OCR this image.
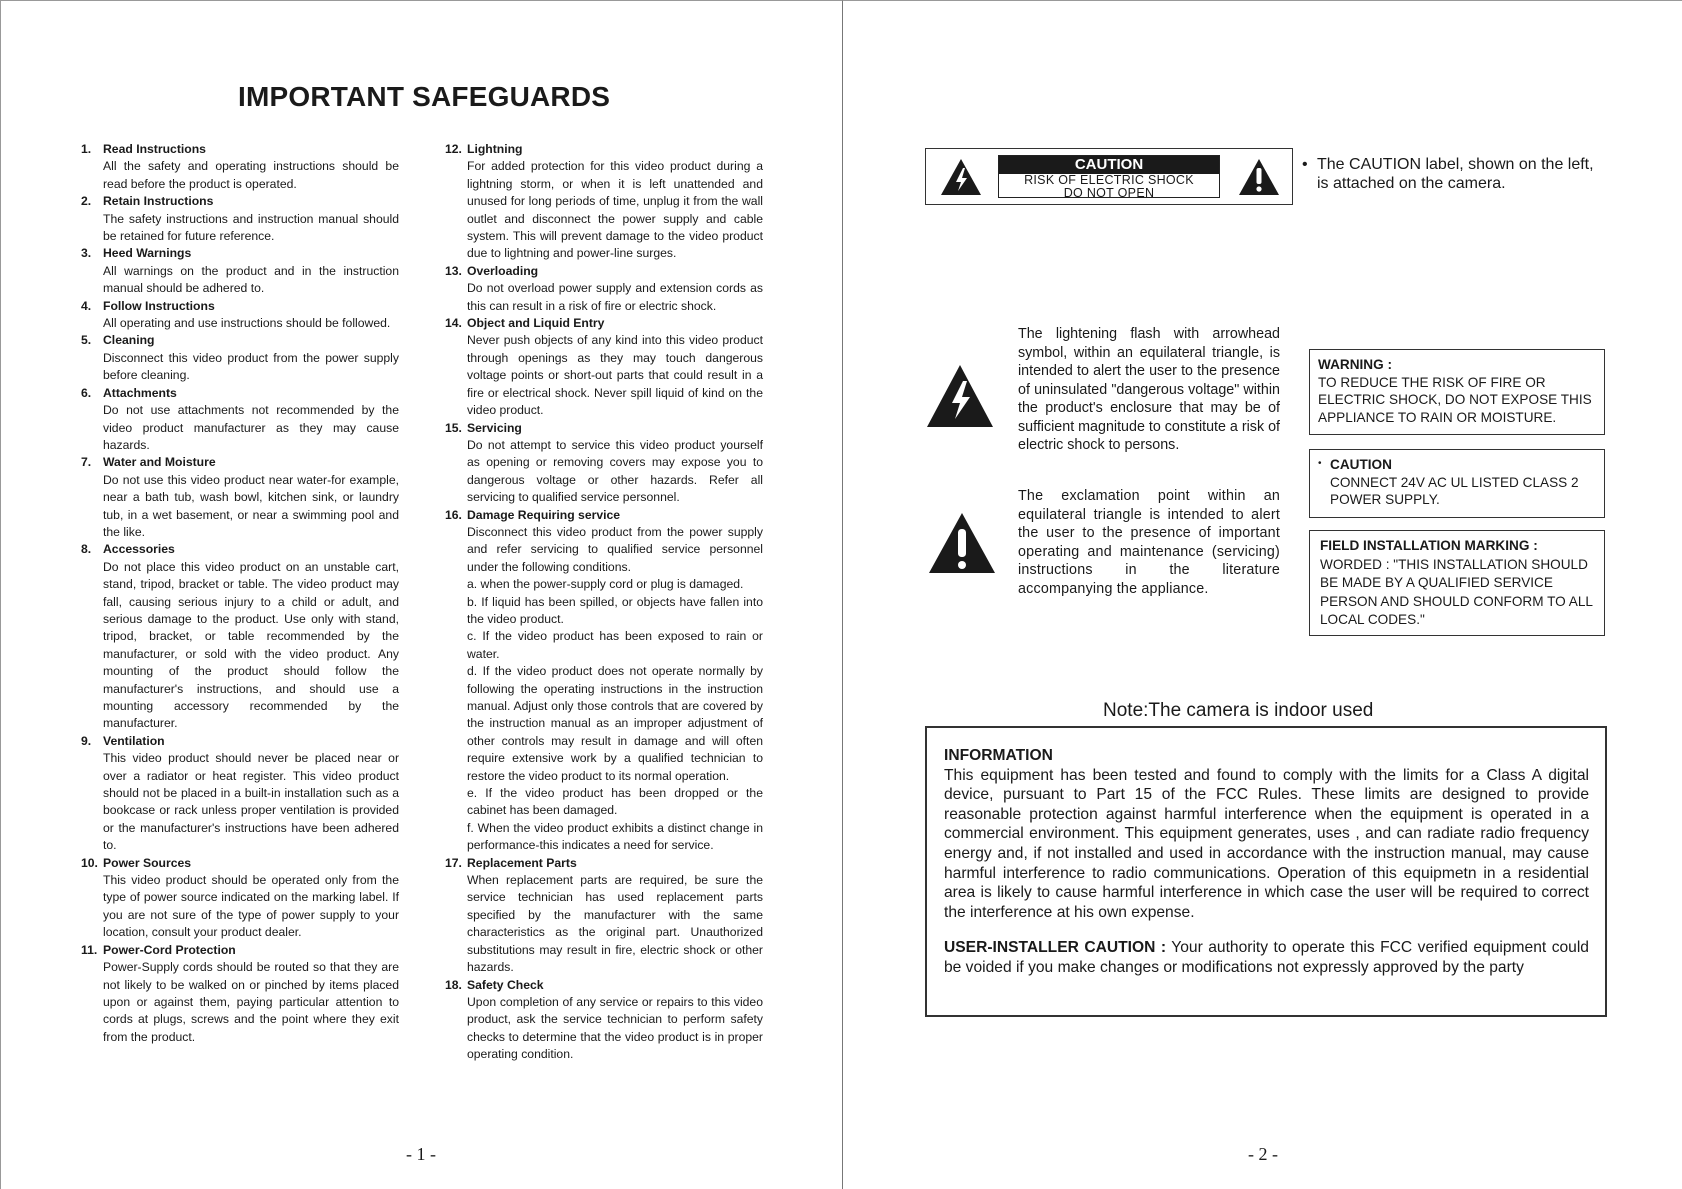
IMPORTANT SAFEGUARDS
1. Read Instructions
All the safety and operating instructions should be read before the product is operated.
2. Retain Instructions
The safety instructions and instruction manual should be retained for future reference.
3. Heed Warnings
All warnings on the product and in the instruction manual should be adhered to.
4. Follow Instructions
All operating and use instructions should be followed.
5. Cleaning
Disconnect this video product from the power supply before cleaning.
6. Attachments
Do not use attachments not recommended by the video product manufacturer as they may cause hazards.
7. Water and Moisture
Do not use this video product near water-for example, near a bath tub, wash bowl, kitchen sink, or laundry tub, in a wet basement, or near a swimming pool and the like.
8. Accessories
Do not place this video product on an unstable cart, stand, tripod, bracket or table. The video product may fall, causing serious injury to a child or adult, and serious damage to the product. Use only with stand, tripod, bracket, or table recommended by the manufacturer, or sold with the video product. Any mounting of the product should follow the manufacturer's instructions, and should use a mounting accessory recommended by the manufacturer.
9. Ventilation
This video product should never be placed near or over a radiator or heat register. This video product should not be placed in a built-in installation such as a bookcase or rack unless proper ventilation is provided or the manufacturer's instructions have been adhered to.
10. Power Sources
This video product should be operated only from the type of power source indicated on the marking label. If you are not sure of the type of power supply to your location, consult your product dealer.
11. Power-Cord Protection
Power-Supply cords should be routed so that they are not likely to be walked on or pinched by items placed upon or against them, paying particular attention to cords at plugs, screws and the point where they exit from the product.
12. Lightning
For added protection for this video product during a lightning storm, or when it is left unattended and unused for long periods of time, unplug it from the wall outlet and disconnect the power supply and cable system. This will prevent damage to the video product due to lightning and power-line surges.
13. Overloading
Do not overload power supply and extension cords as this can result in a risk of fire or electric shock.
14. Object and Liquid Entry
Never push objects of any kind into this video product through openings as they may touch dangerous voltage points or short-out parts that could result in a fire or electrical shock. Never spill liquid of kind on the video product.
15. Servicing
Do not attempt to service this video product yourself as opening or removing covers may expose you to dangerous voltage or other hazards. Refer all servicing to qualified service personnel.
16. Damage Requiring service
Disconnect this video product from the power supply and refer servicing to qualified service personnel under the following conditions.
a. when the power-supply cord or plug is damaged.
b. If liquid has been spilled, or objects have fallen into the video product.
c. If the video product has been exposed to rain or water.
d. If the video product does not operate normally by following the operating instructions in the instruction manual. Adjust only those controls that are covered by the instruction manual as an improper adjustment of other controls may result in damage and will often require extensive work by a qualified technician to restore the video product to its normal operation.
e. If the video product has been dropped or the cabinet has been damaged.
f. When the video product exhibits a distinct change in performance-this indicates a need for service.
17. Replacement Parts
When replacement parts are required, be sure the service technician has used replacement parts specified by the manufacturer with the same characteristics as the original part. Unauthorized substitutions may result in fire, electric shock or other hazards.
18. Safety Check
Upon completion of any service or repairs to this video product, ask the service technician to perform safety checks to determine that the video product is in proper operating condition.
- 1 -
CAUTION
RISK OF ELECTRIC SHOCK
DO NOT OPEN
• The CAUTION label, shown on the left, is attached on the camera.
The lightening flash with arrowhead symbol, within an equilateral triangle, is intended to alert the user to the presence of uninsulated "dangerous voltage" within the product's enclosure that may be of sufficient magnitude to constitute a risk of electric shock to persons.
The exclamation point within an equilateral triangle is intended to alert the user to the presence of important operating and maintenance (servicing) instructions in the literature accompanying the appliance.
WARNING :
TO REDUCE THE RISK OF FIRE OR ELECTRIC SHOCK, DO NOT EXPOSE THIS APPLIANCE TO RAIN OR MOISTURE.
• CAUTION
CONNECT 24V AC UL LISTED CLASS 2 POWER SUPPLY.
FIELD INSTALLATION MARKING :
WORDED : "THIS INSTALLATION SHOULD BE MADE BY A QUALIFIED SERVICE PERSON AND SHOULD CONFORM TO ALL LOCAL CODES."
Note:The camera is indoor used

INFORMATION

This equipment has been tested and found to comply with the limits for a Class A digital device, pursuant to Part 15 of the FCC Rules. These limits are designed to provide reasonable protection against harmful interference when the equipment is operated in a commercial environment. This equipment generates, uses , and can radiate radio frequency energy and, if not installed and used in accordance with the instruction manual, may cause harmful interference to radio communications. Operation of this equipmetn in a residential area is likely to cause harmful interference in which case the user will be required to correct the interference at his own expense.

USER-INSTALLER CAUTION : Your authority to operate this FCC verified equipment could be voided if you make changes or modifications not expressly approved by the party

- 2 -
